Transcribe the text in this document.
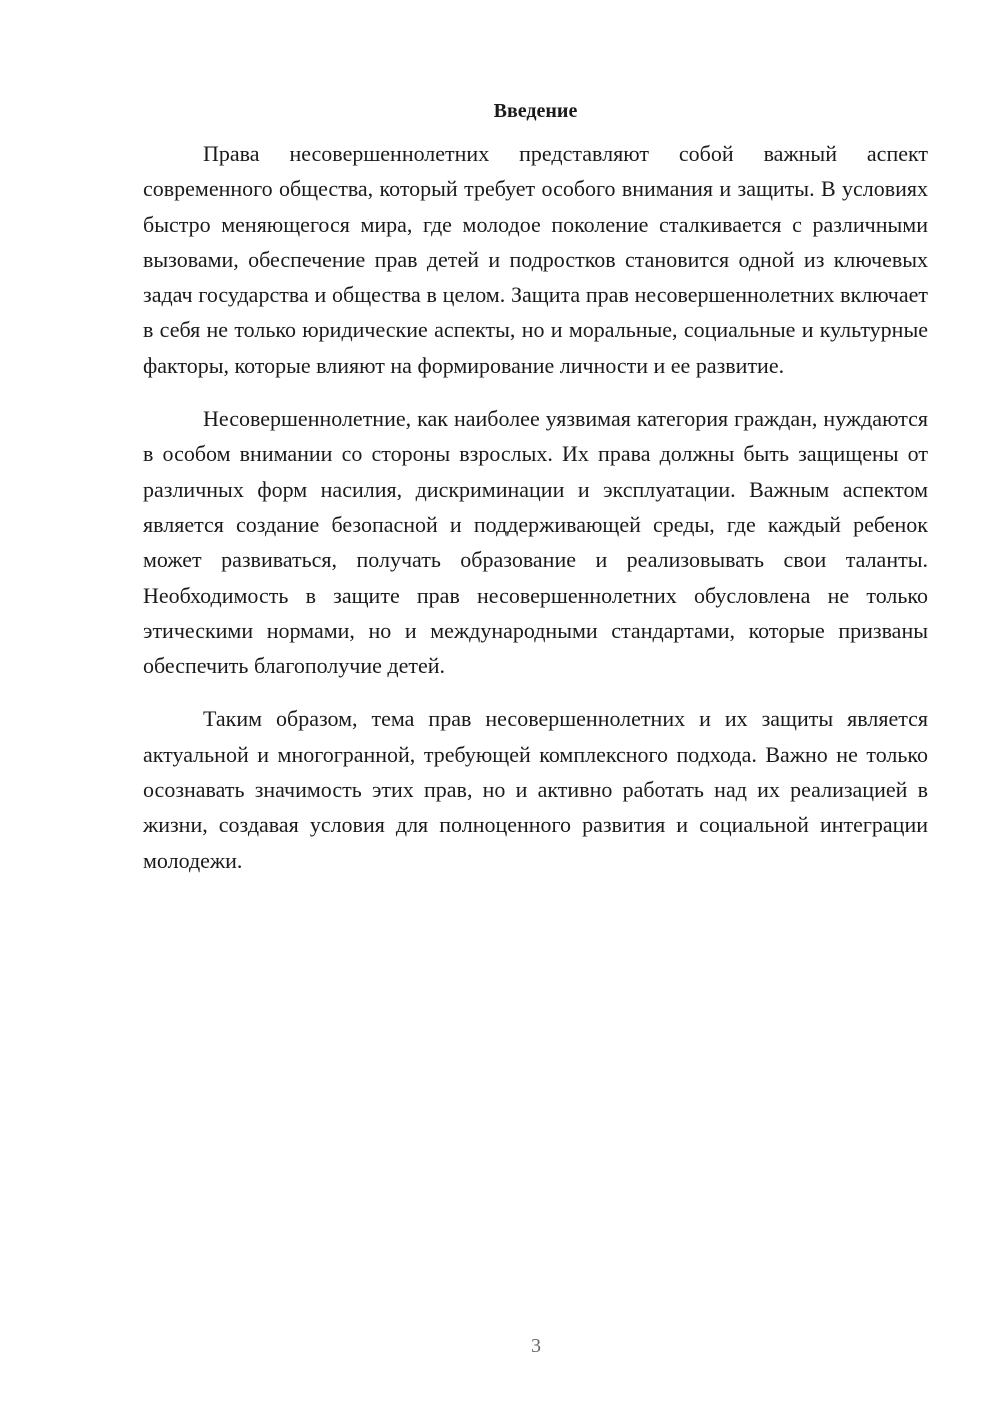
Введение

Права несовершеннолетних представляют собой важный аспект современного общества, который требует особого внимания и защиты. В условиях быстро меняющегося мира, где молодое поколение сталкивается с различными вызовами, обеспечение прав детей и подростков становится одной из ключевых задач государства и общества в целом. Защита прав несовершеннолетних включает в себя не только юридические аспекты, но и моральные, социальные и культурные факторы, которые влияют на формирование личности и ее развитие.

Несовершеннолетние, как наиболее уязвимая категория граждан, нуждаются в особом внимании со стороны взрослых. Их права должны быть защищены от различных форм насилия, дискриминации и эксплуатации. Важным аспектом является создание безопасной и поддерживающей среды, где каждый ребенок может развиваться, получать образование и реализовывать свои таланты. Необходимость в защите прав несовершеннолетних обусловлена не только этическими нормами, но и международными стандартами, которые призваны обеспечить благополучие детей.

Таким образом, тема прав несовершеннолетних и их защиты является актуальной и многогранной, требующей комплексного подхода. Важно не только осознавать значимость этих прав, но и активно работать над их реализацией в жизни, создавая условия для полноценного развития и социальной интеграции молодежи.

3
